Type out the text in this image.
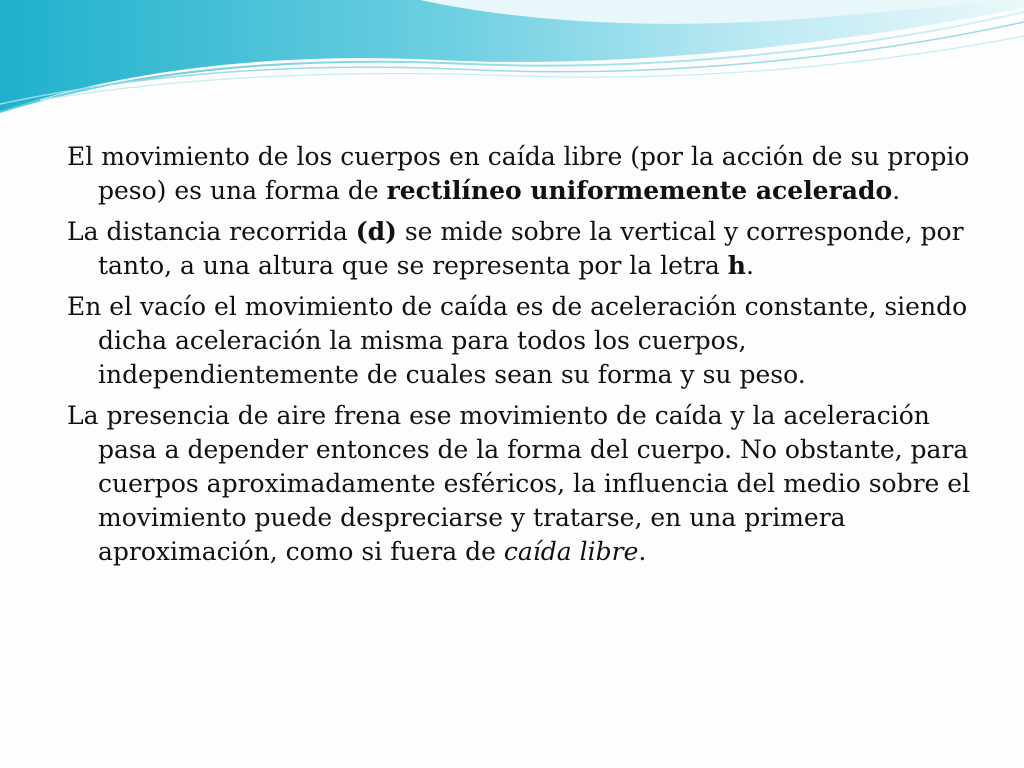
El movimiento de los cuerpos en caída libre (por la acción de su propio peso) es una forma de rectilíneo uniformemente acelerado.

La distancia recorrida (d) se mide sobre la vertical y corresponde, por tanto, a una altura que se representa por la letra h.

En el vacío el movimiento de caída es de aceleración constante, siendo dicha aceleración la misma para todos los cuerpos, independientemente de cuales sean su forma y su peso.

La presencia de aire frena ese movimiento de caída y la aceleración pasa a depender entonces de la forma del cuerpo. No obstante, para cuerpos aproximadamente esféricos, la influencia del medio sobre el movimiento puede despreciarse y tratarse, en una primera aproximación, como si fuera de caída libre.
